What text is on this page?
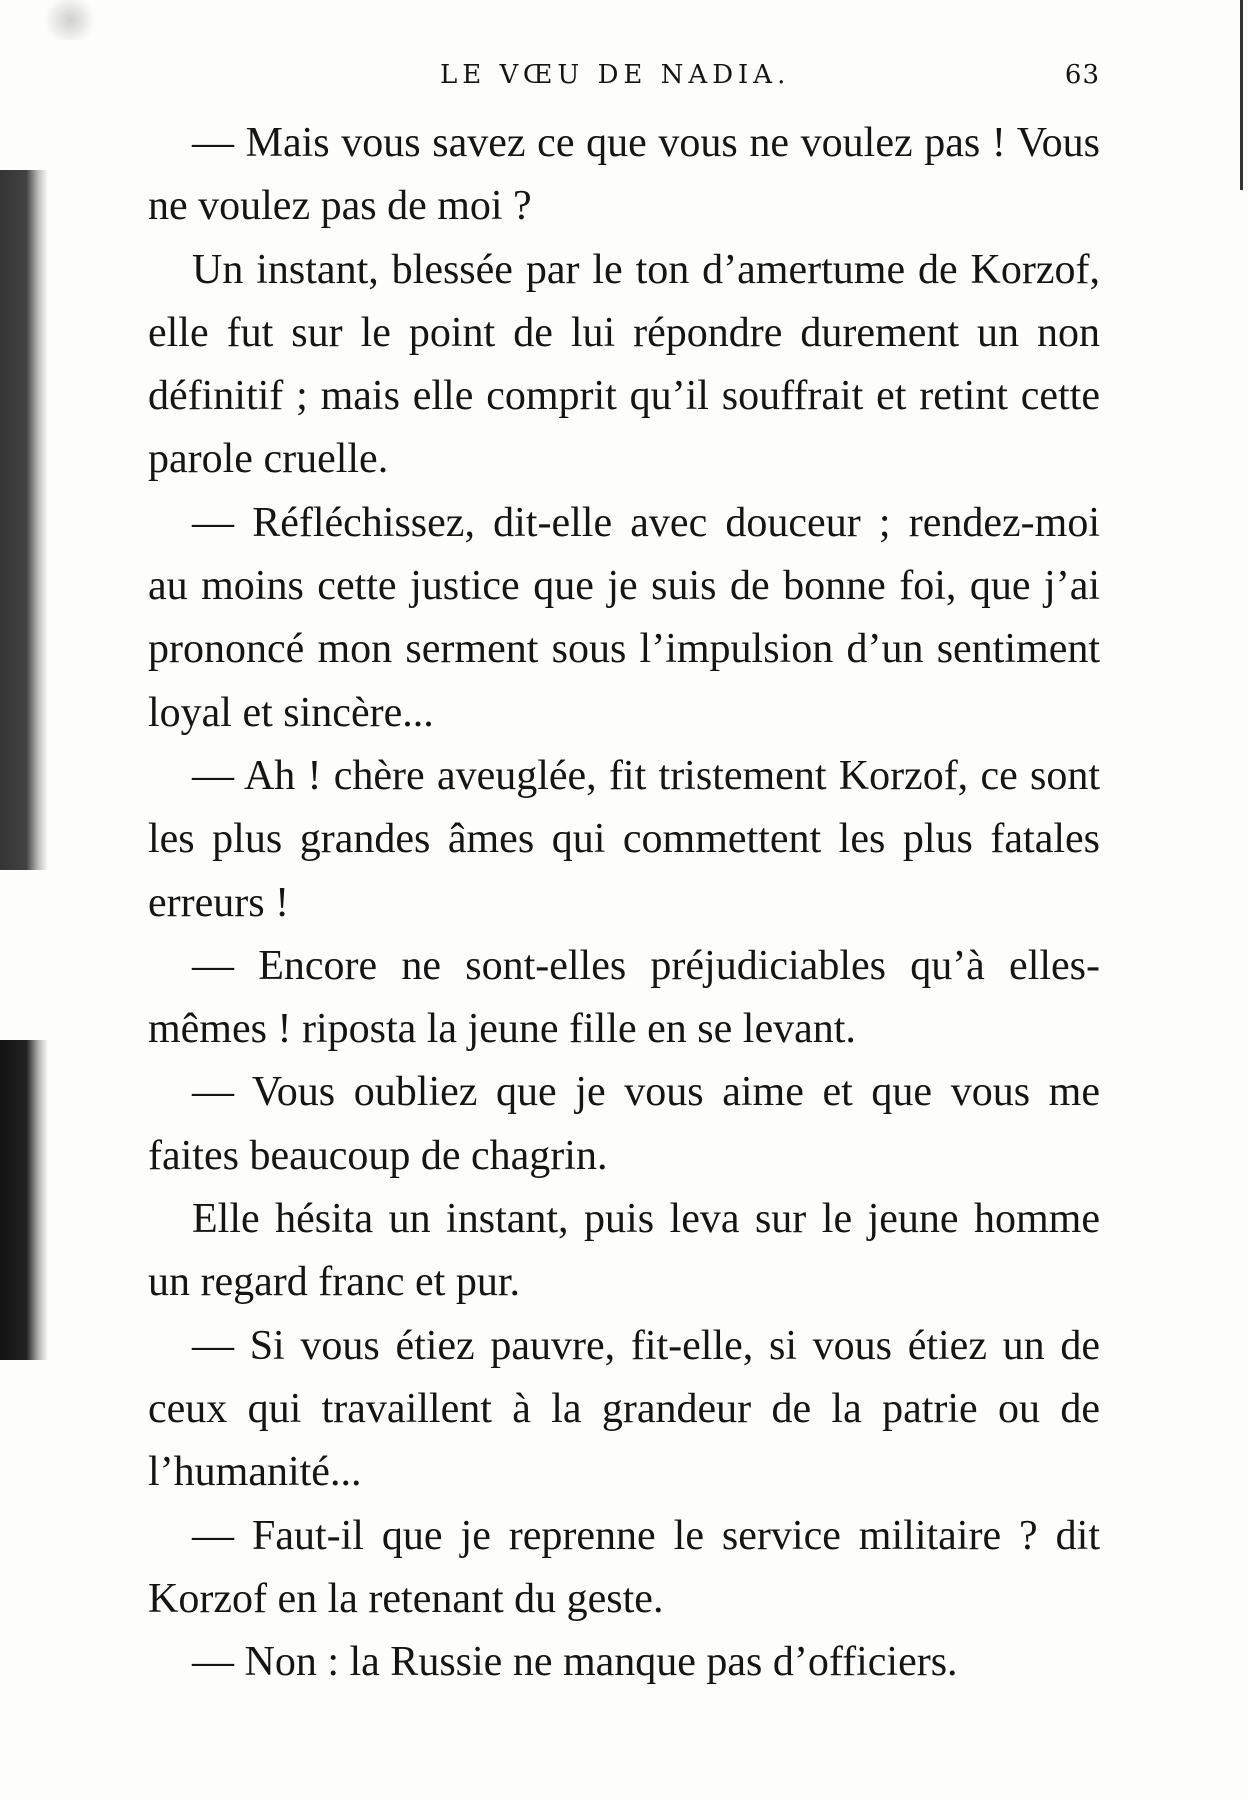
LE VŒU DE NADIA.	63

— Mais vous savez ce que vous ne voulez pas ! Vous ne voulez pas de moi ?

Un instant, blessée par le ton d’amertume de Korzof, elle fut sur le point de lui répondre durement un non définitif ; mais elle comprit qu’il souffrait et retint cette parole cruelle.

— Réfléchissez, dit-elle avec douceur ; rendez-moi au moins cette justice que je suis de bonne foi, que j’ai prononcé mon serment sous l’impulsion d’un sentiment loyal et sincère...

— Ah ! chère aveuglée, fit tristement Korzof, ce sont les plus grandes âmes qui commettent les plus fatales erreurs !

— Encore ne sont-elles préjudiciables qu’à elles-mêmes ! riposta la jeune fille en se levant.

— Vous oubliez que je vous aime et que vous me faites beaucoup de chagrin.

Elle hésita un instant, puis leva sur le jeune homme un regard franc et pur.

— Si vous étiez pauvre, fit-elle, si vous étiez un de ceux qui travaillent à la grandeur de la patrie ou de l’humanité...

— Faut-il que je reprenne le service militaire ? dit Korzof en la retenant du geste.

— Non : la Russie ne manque pas d’officiers.
